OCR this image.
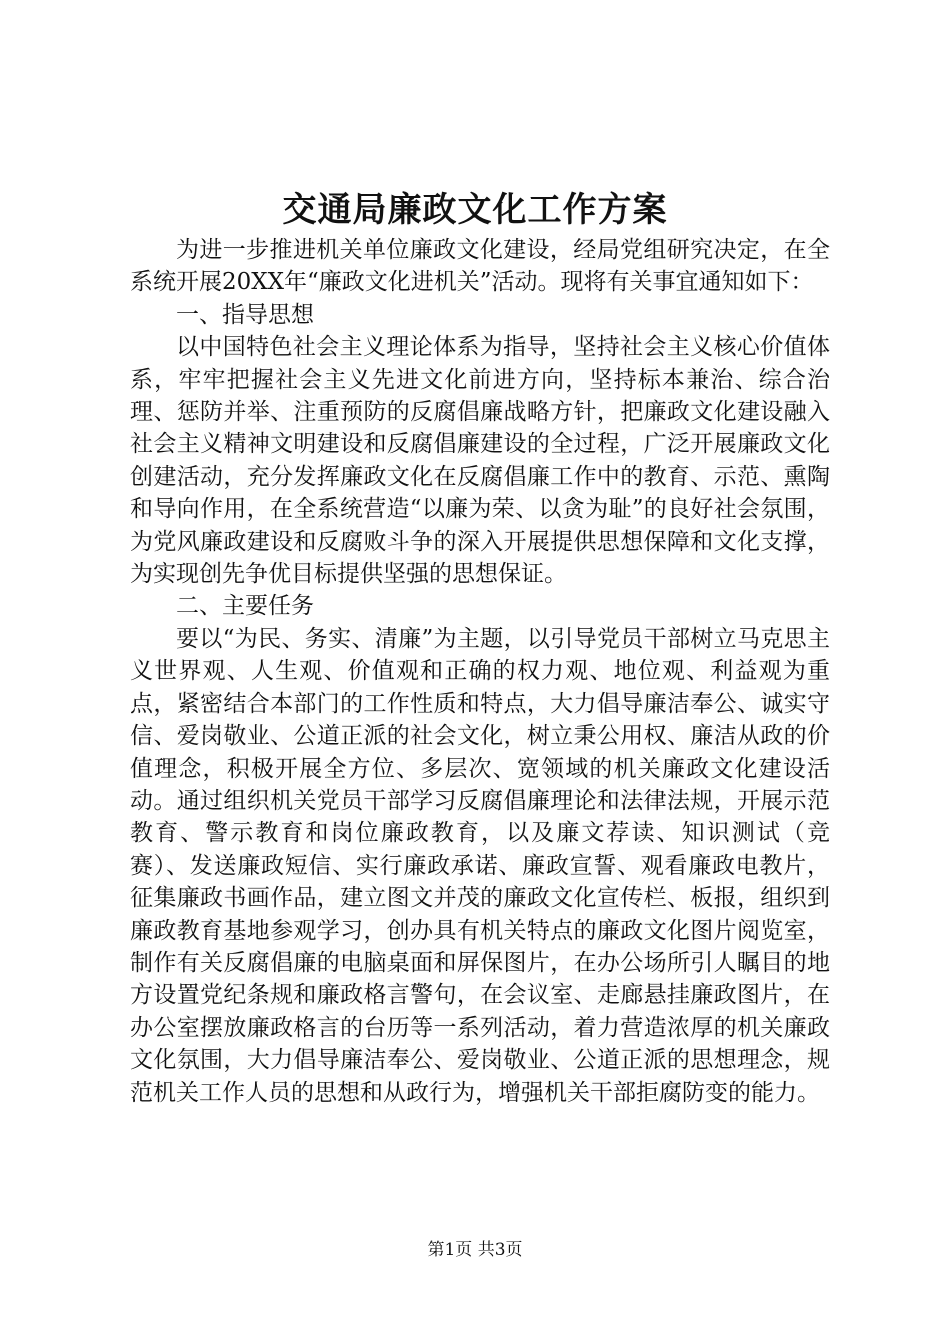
交通局廉政文化工作方案

为进一步推进机关单位廉政文化建设，经局党组研究决定，在全系统开展20XX年“廉政文化进机关”活动。现将有关事宜通知如下：

一、指导思想

以中国特色社会主义理论体系为指导，坚持社会主义核心价值体系，牢牢把握社会主义先进文化前进方向，坚持标本兼治、综合治理、惩防并举、注重预防的反腐倡廉战略方针，把廉政文化建设融入社会主义精神文明建设和反腐倡廉建设的全过程，广泛开展廉政文化创建活动，充分发挥廉政文化在反腐倡廉工作中的教育、示范、熏陶和导向作用，在全系统营造“以廉为荣、以贪为耻”的良好社会氛围，为党风廉政建设和反腐败斗争的深入开展提供思想保障和文化支撑，为实现创先争优目标提供坚强的思想保证。

二、主要任务

要以“为民、务实、清廉”为主题，以引导党员干部树立马克思主义世界观、人生观、价值观和正确的权力观、地位观、利益观为重点，紧密结合本部门的工作性质和特点，大力倡导廉洁奉公、诚实守信、爱岗敬业、公道正派的社会文化，树立秉公用权、廉洁从政的价值理念，积极开展全方位、多层次、宽领域的机关廉政文化建设活动。通过组织机关党员干部学习反腐倡廉理论和法律法规，开展示范教育、警示教育和岗位廉政教育，以及廉文荐读、知识测试（竞赛）、发送廉政短信、实行廉政承诺、廉政宣誓、观看廉政电教片，征集廉政书画作品，建立图文并茂的廉政文化宣传栏、板报，组织到廉政教育基地参观学习，创办具有机关特点的廉政文化图片阅览室，制作有关反腐倡廉的电脑桌面和屏保图片，在办公场所引人瞩目的地方设置党纪条规和廉政格言警句，在会议室、走廊悬挂廉政图片，在办公室摆放廉政格言的台历等一系列活动，着力营造浓厚的机关廉政文化氛围，大力倡导廉洁奉公、爱岗敬业、公道正派的思想理念，规范机关工作人员的思想和从政行为，增强机关干部拒腐防变的能力。

第1页 共3页
